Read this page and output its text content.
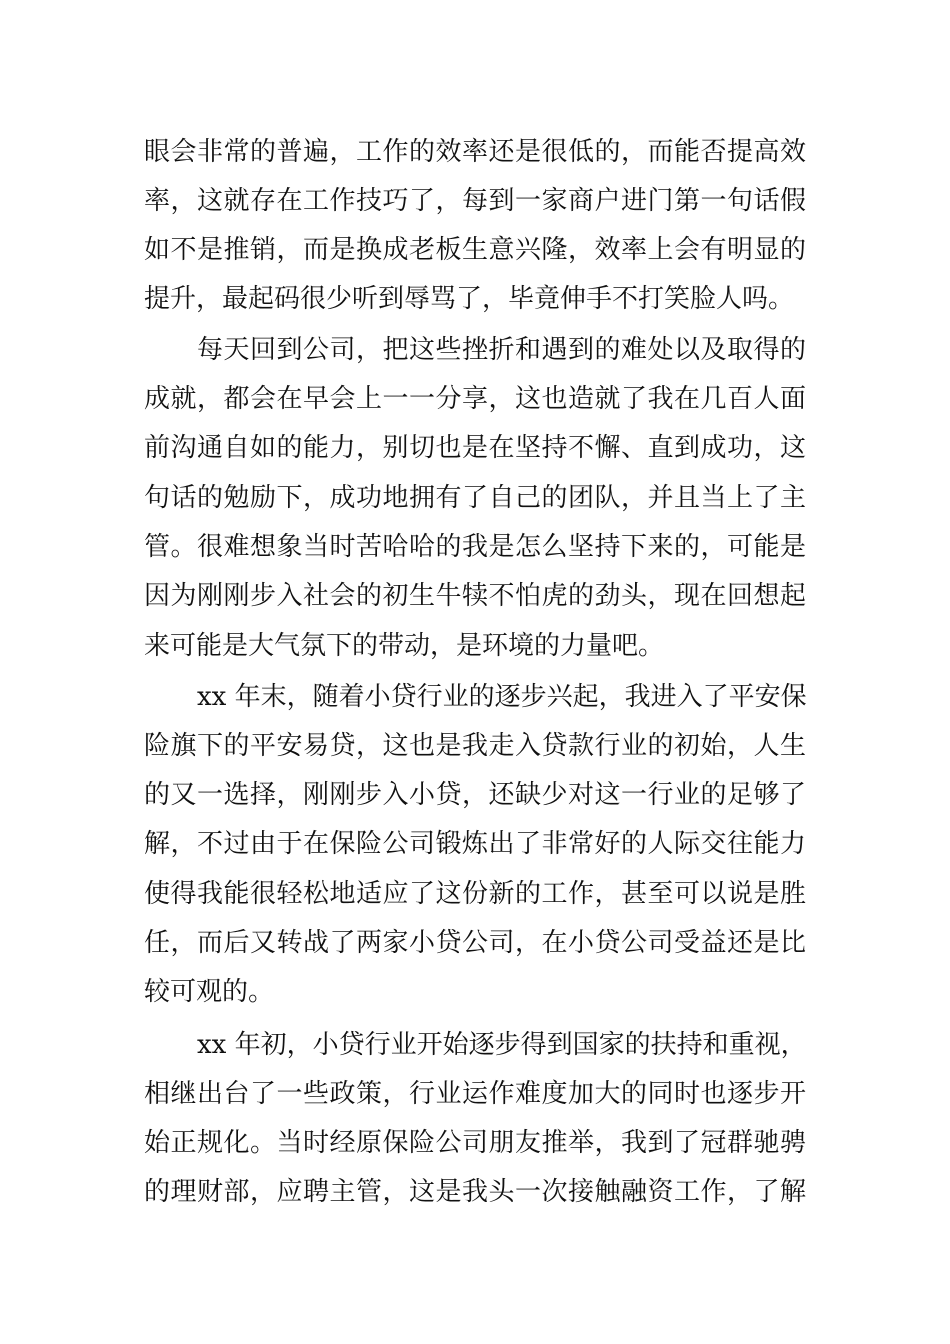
眼会非常的普遍，工作的效率还是很低的，而能否提高效
率，这就存在工作技巧了，每到一家商户进门第一句话假
如不是推销，而是换成老板生意兴隆，效率上会有明显的
提升，最起码很少听到辱骂了，毕竟伸手不打笑脸人吗。
每天回到公司，把这些挫折和遇到的难处以及取得的
成就，都会在早会上一一分享，这也造就了我在几百人面
前沟通自如的能力，别切也是在坚持不懈、直到成功，这
句话的勉励下，成功地拥有了自己的团队，并且当上了主
管。很难想象当时苦哈哈的我是怎么坚持下来的，可能是
因为刚刚步入社会的初生牛犊不怕虎的劲头，现在回想起
来可能是大气氛下的带动，是环境的力量吧。
xx 年末，随着小贷行业的逐步兴起，我进入了平安保
险旗下的平安易贷，这也是我走入贷款行业的初始，人生
的又一选择，刚刚步入小贷，还缺少对这一行业的足够了
解，不过由于在保险公司锻炼出了非常好的人际交往能力
使得我能很轻松地适应了这份新的工作，甚至可以说是胜
任，而后又转战了两家小贷公司，在小贷公司受益还是比
较可观的。
xx 年初，小贷行业开始逐步得到国家的扶持和重视，
相继出台了一些政策，行业运作难度加大的同时也逐步开
始正规化。当时经原保险公司朋友推举，我到了冠群驰骋
的理财部，应聘主管，这是我头一次接触融资工作，了解
